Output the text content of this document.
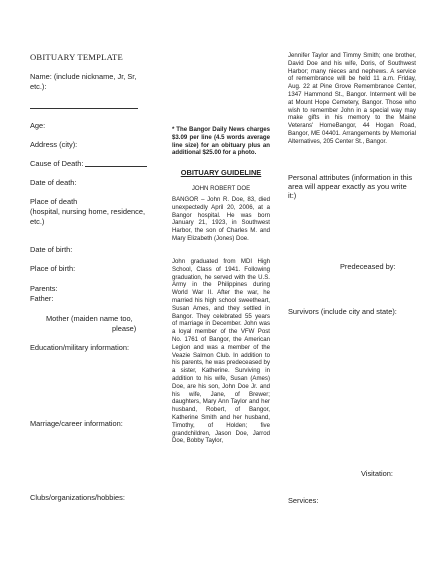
OBITUARY TEMPLATE
Name: (include nickname, Jr, Sr,
etc.):
Age:
Address (city):
Cause of Death:
Date of death:
Place of death
(hospital, nursing home, residence,
etc.)
Date of birth:
Place of birth:
Parents:
Father:
Mother (maiden name too,
please)
Education/military information:
Marriage/career information:
Clubs/organizations/hobbies:

* The Bangor Daily News charges $3.09 per line (4.5 words average line size) for an obituary plus an additional $25.00 for a photo.

OBITUARY GUIDELINE
JOHN ROBERT DOE

BANGOR – John R. Doe, 83, died unexpectedly April 20, 2006, at a Bangor hospital. He was born January 21, 1923, in Southwest Harbor, the son of Charles M. and Mary Elizabeth (Jones) Doe.

John graduated from MDI High School, Class of 1941. Following graduation, he served with the U.S. Army in the Philippines during World War II. After the war, he married his high school sweetheart, Susan Ames, and they settled in Bangor. They celebrated 55 years of marriage in December. John was a loyal member of the VFW Post No. 1761 of Bangor, the American Legion and was a member of the Veazie Salmon Club. In addition to his parents, he was predeceased by a sister, Katherine. Surviving in addition to his wife, Susan (Ames) Doe, are his son, John Doe Jr. and his wife, Jane, of Brewer; daughters, Mary Ann Taylor and her husband, Robert, of Bangor, Katherine Smith and her husband, Timothy, of Holden; five grandchildren, Jason Doe, Jarrod Doe, Bobby Taylor,

Jennifer Taylor and Timmy Smith; one brother, David Doe and his wife, Doris, of Southwest Harbor; many nieces and nephews. A service of remembrance will be held 11 a.m. Friday, Aug. 22 at Pine Grove Remembrance Center, 1347 Hammond St., Bangor. Interment will be at Mount Hope Cemetery, Bangor. Those who wish to remember John in a special way may make gifts in his memory to the Maine Veterans' HomeBangor, 44 Hogan Road, Bangor, ME 04401. Arrangements by Memorial Alternatives, 205 Center St., Bangor.

Personal attributes (information in this area will appear exactly as you write it:)
Predeceased by:
Survivors (include city and state):
Visitation:
Services:
